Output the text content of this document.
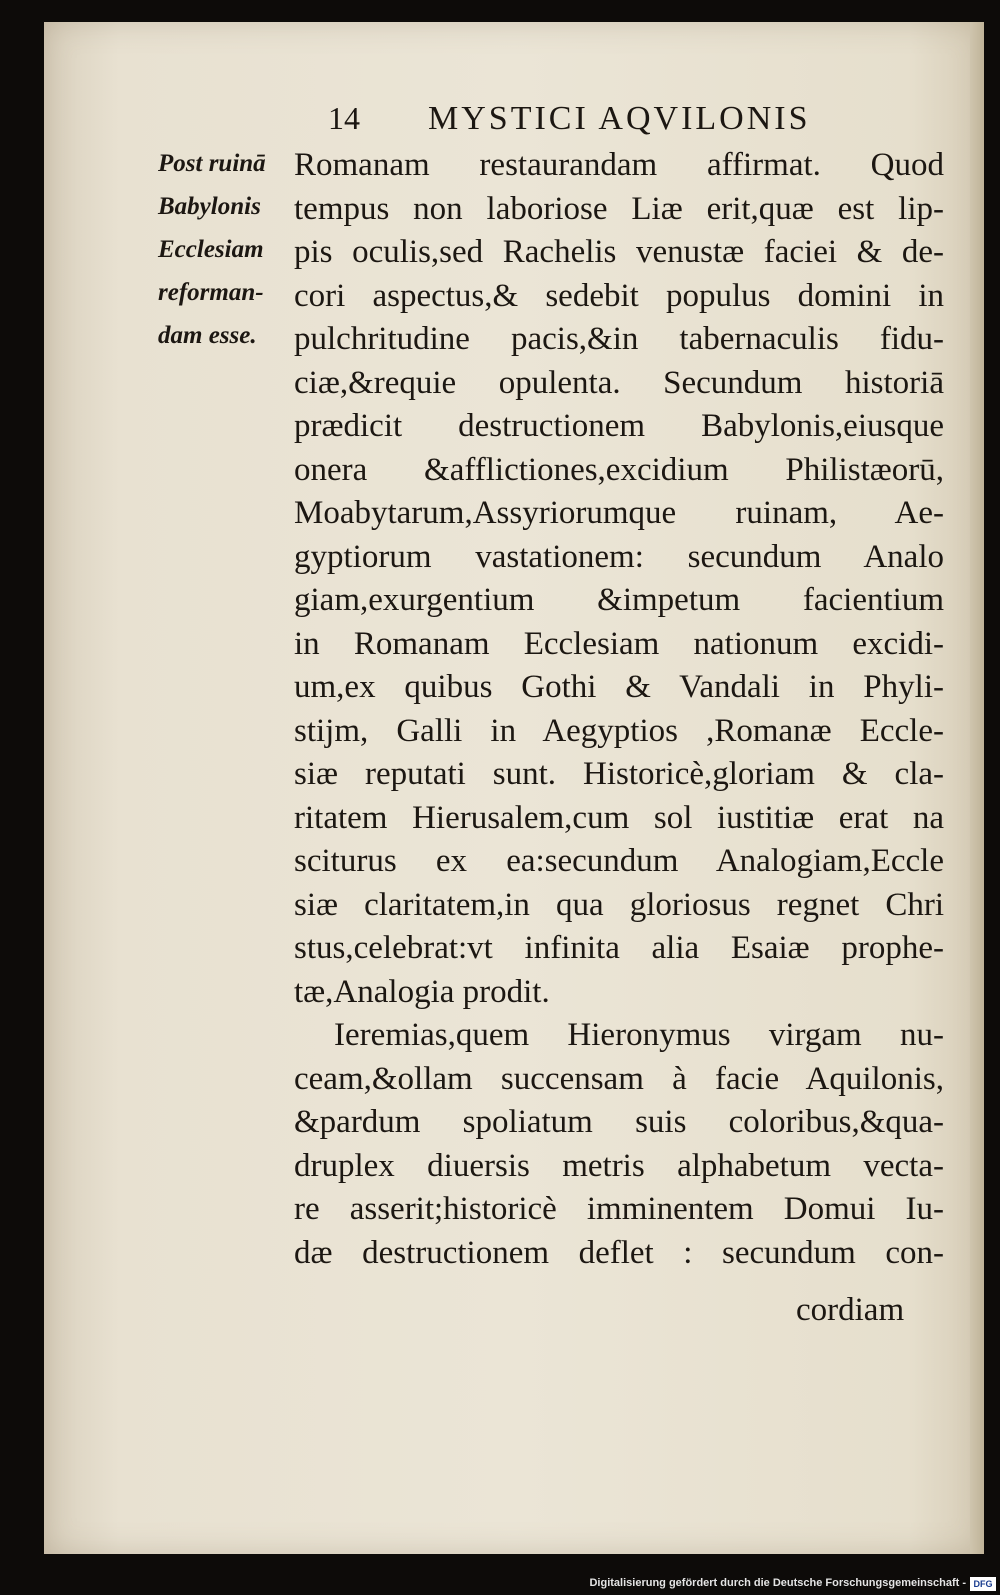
14 MYSTICI AQVILONIS
Post ruinā
Babylonis
Ecclesiam
reforman-
dam esse.
Romanam restaurandam affirmat. Quod
tempus non laboriose Liæ erit,quæ est lip-
pis oculis,sed Rachelis venustæ faciei & de-
cori aspectus,& sedebit populus domini in
pulchritudine pacis,&in tabernaculis fidu-
ciæ,&requie opulenta. Secundum historiā
prædicit destructionem Babylonis,eiusque
onera &afflictiones,excidium Philistæorū,
Moabytarum,Assyriorumque ruinam, Ae-
gyptiorum vastationem: secundum Analo
giam,exurgentium &impetum facientium
in Romanam Ecclesiam nationum excidi-
um,ex quibus Gothi & Vandali in Phyli-
stijm, Galli in Aegyptios ,Romanæ Eccle-
siæ reputati sunt. Historicè,gloriam & cla-
ritatem Hierusalem,cum sol iustitiæ erat na
sciturus ex ea:secundum Analogiam,Eccle
siæ claritatem,in qua gloriosus regnet Chri
stus,celebrat:vt infinita alia Esaiæ prophe-
tæ,Analogia prodit.
Ieremias,quem Hieronymus virgam nu-
ceam,&ollam succensam à facie Aquilonis,
&pardum spoliatum suis coloribus,&qua-
druplex diuersis metris alphabetum vecta-
re asserit;historicè imminentem Domui Iu-
dæ destructionem deflet : secundum con-
cordiam
Digitalisierung gefördert durch die Deutsche Forschungsgemeinschaft - DFG
